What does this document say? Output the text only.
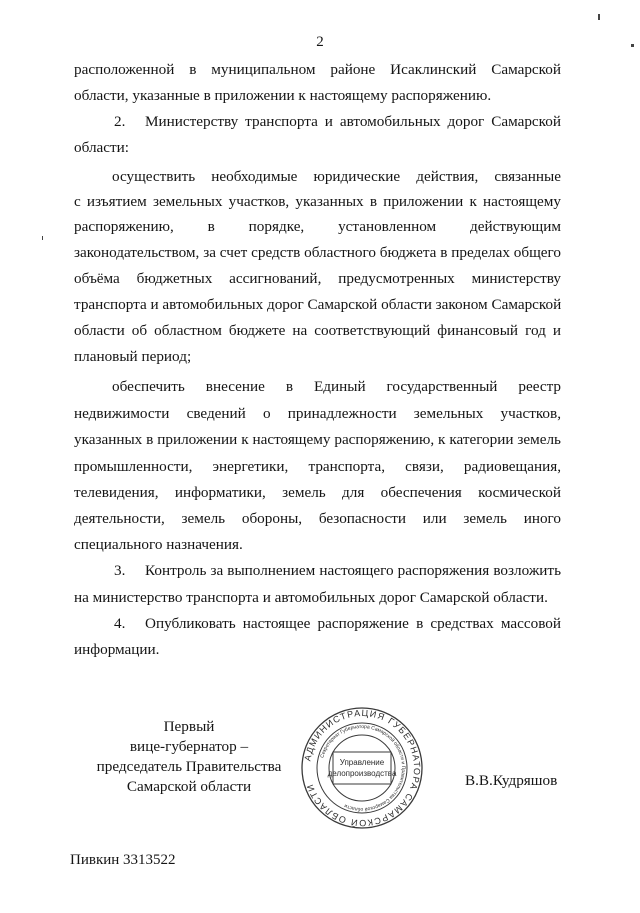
2
расположенной в муниципальном районе Исаклинский Самарской
области, указанные в приложении к настоящему распоряжению.
2. Министерству транспорта и автомобильных дорог Самарской
области:
осуществить необходимые юридические действия, связанные
с изъятием земельных участков, указанных в приложении к настоящему
распоряжению, в порядке, установленном действующим
законодательством, за счет средств областного бюджета в пределах общего
объёма бюджетных ассигнований, предусмотренных министерству
транспорта и автомобильных дорог Самарской области законом Самарской
области об областном бюджете на соответствующий финансовый год и
плановый период;
обеспечить внесение в Единый государственный реестр
недвижимости сведений о принадлежности земельных участков,
указанных в приложении к настоящему распоряжению, к категории земель
промышленности, энергетики, транспорта, связи, радиовещания,
телевидения, информатики, земель для обеспечения космической
деятельности, земель обороны, безопасности или земель иного
специального назначения.
3. Контроль за выполнением настоящего распоряжения возложить
на министерство транспорта и автомобильных дорог Самарской области.
4. Опубликовать настоящее распоряжение в средствах массовой
информации.
Первый
вице-губернатор –
председатель Правительства
Самарской области
АДМИНИСТРАЦИЯ ГУБЕРНАТОРА САМАРСКОЙ ОБЛАСТИ
Секретариат Губернатора Самарской области и Правительства Самарской области
Управление
делопроизводства	В.В.Кудряшов
Пивкин 3313522
